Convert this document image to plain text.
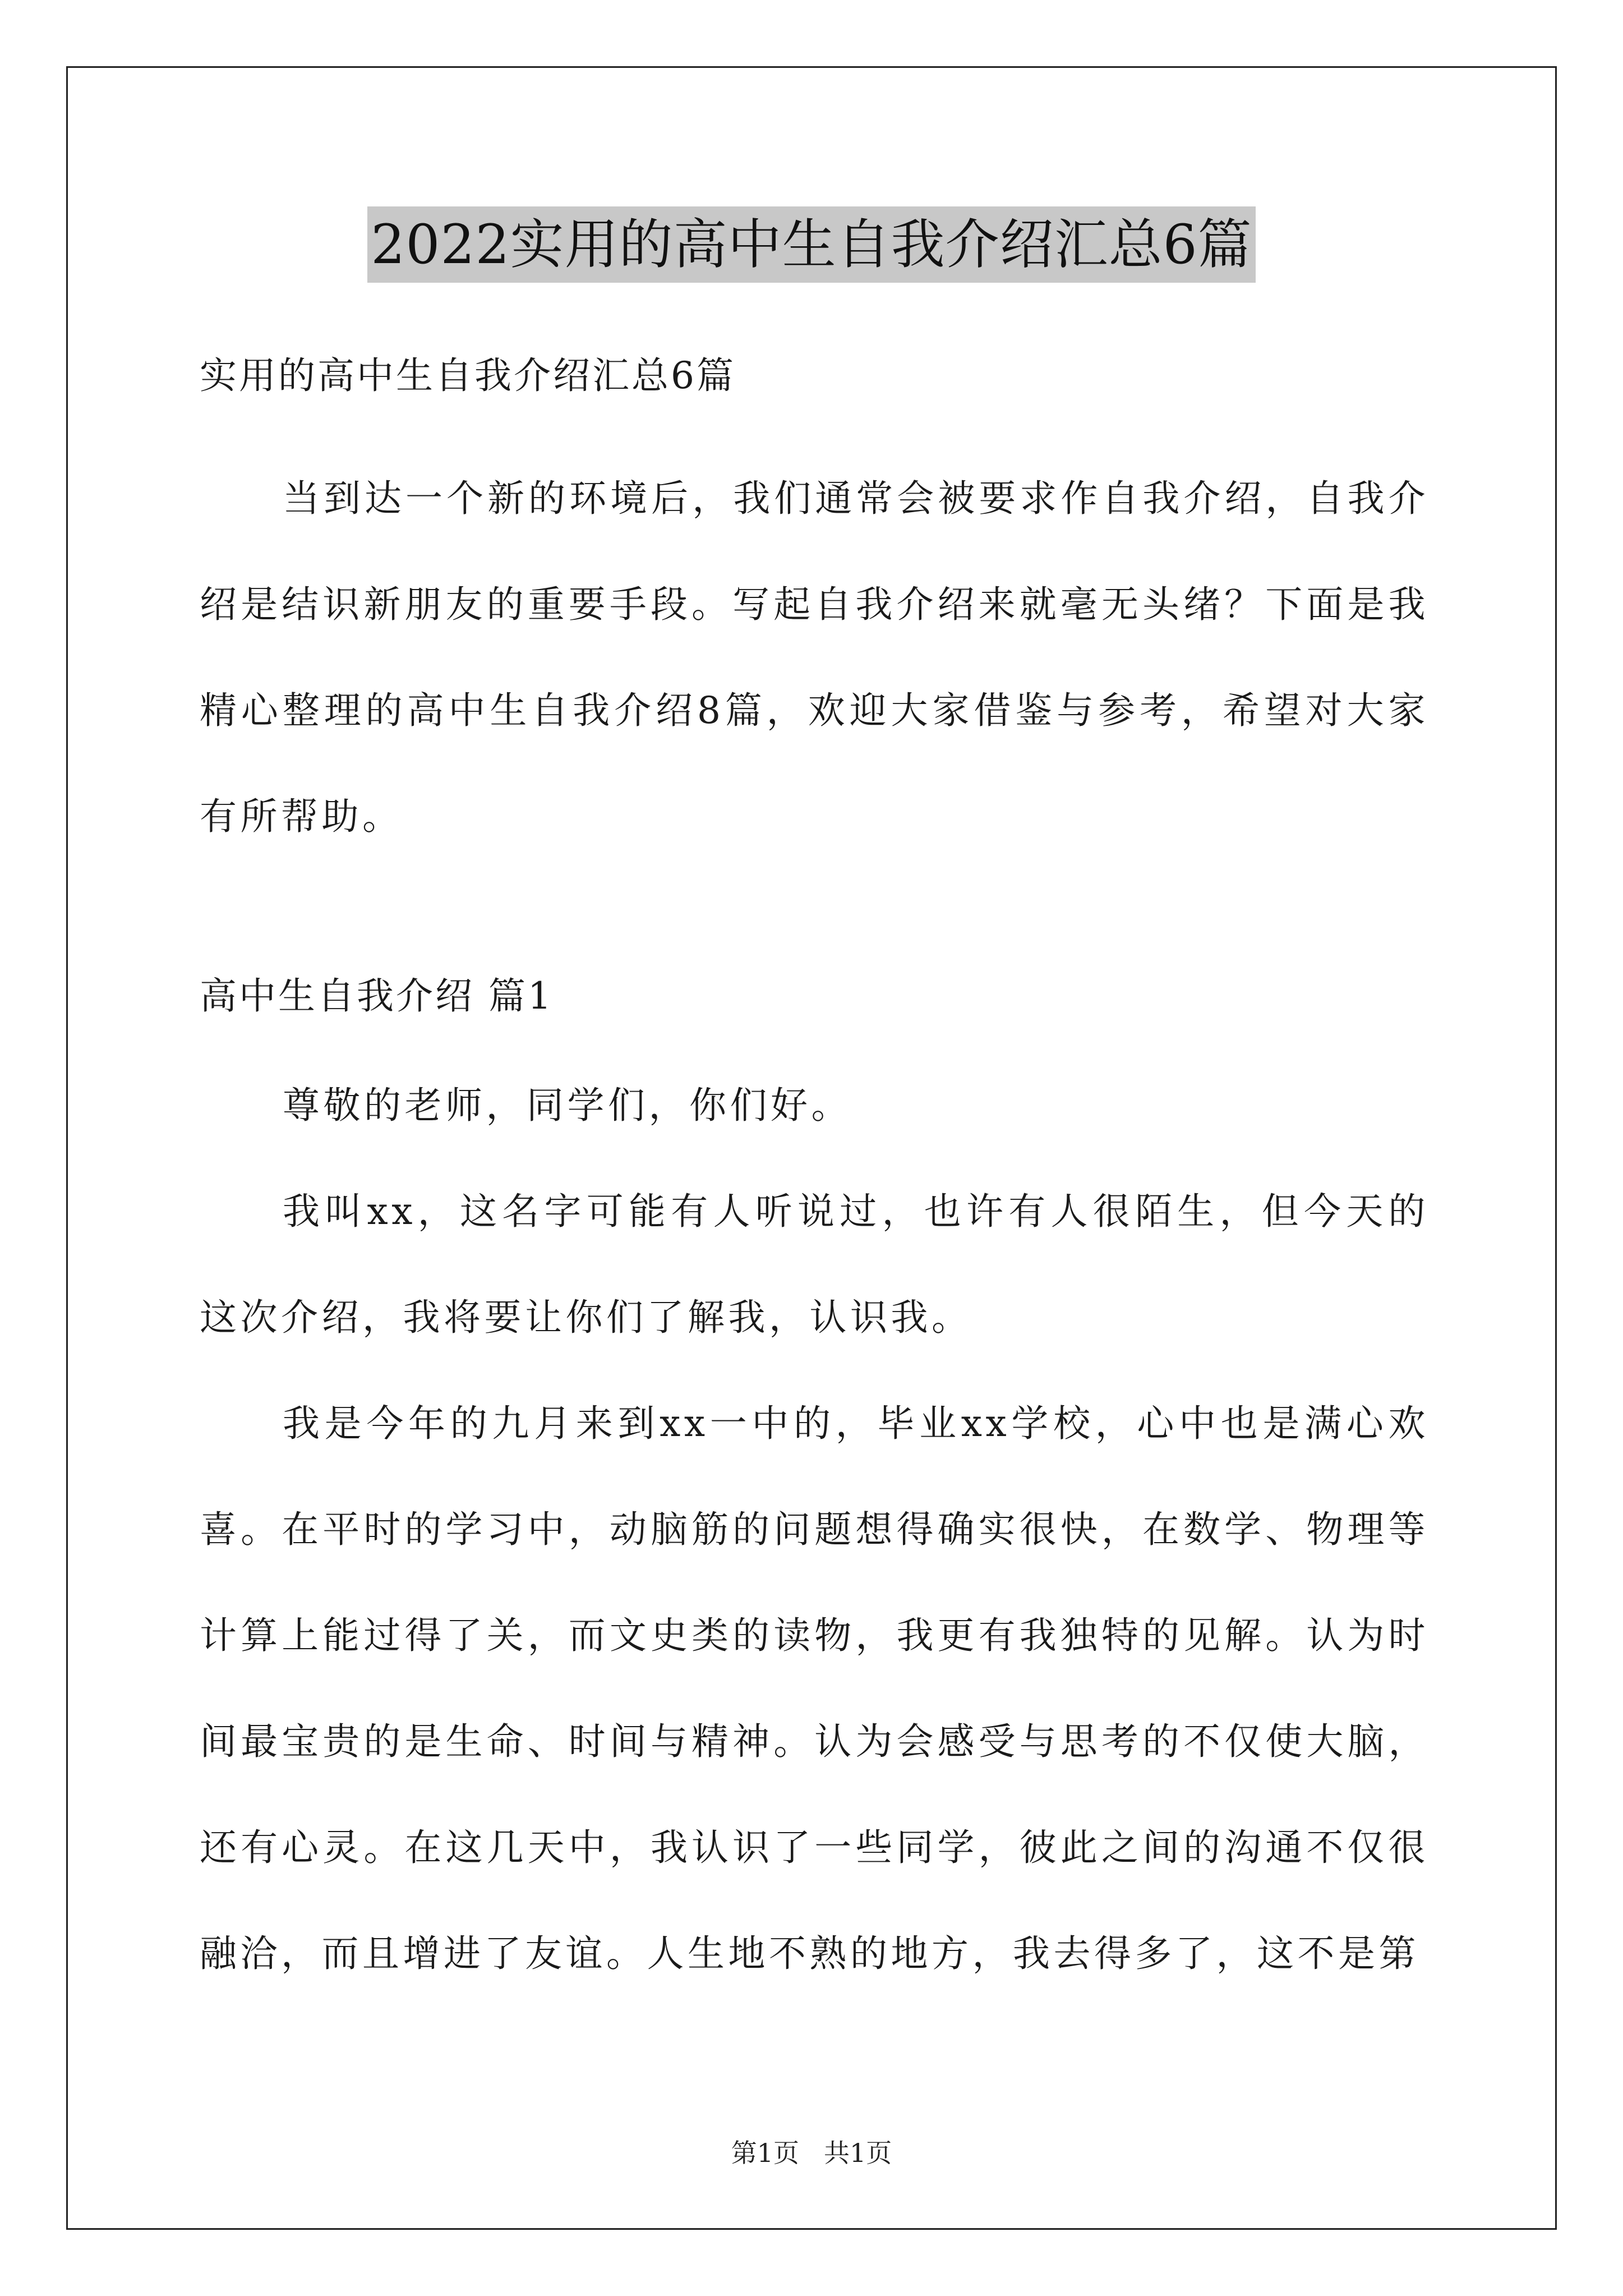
2022实用的高中生自我介绍汇总6篇

实用的高中生自我介绍汇总6篇

当到达一个新的环境后，我们通常会被要求作自我介绍，自我介绍是结识新朋友的重要手段。写起自我介绍来就毫无头绪？下面是我精心整理的高中生自我介绍8篇，欢迎大家借鉴与参考，希望对大家有所帮助。

高中生自我介绍 篇1

尊敬的老师，同学们，你们好。

我叫xx，这名字可能有人听说过，也许有人很陌生，但今天的这次介绍，我将要让你们了解我，认识我。

我是今年的九月来到xx一中的，毕业xx学校，心中也是满心欢喜。在平时的学习中，动脑筋的问题想得确实很快，在数学、物理等计算上能过得了关，而文史类的读物，我更有我独特的见解。认为时间最宝贵的是生命、时间与精神。认为会感受与思考的不仅使大脑，还有心灵。在这几天中，我认识了一些同学，彼此之间的沟通不仅很融洽，而且增进了友谊。人生地不熟的地方，我去得多了，这不是第

第1页 共1页
